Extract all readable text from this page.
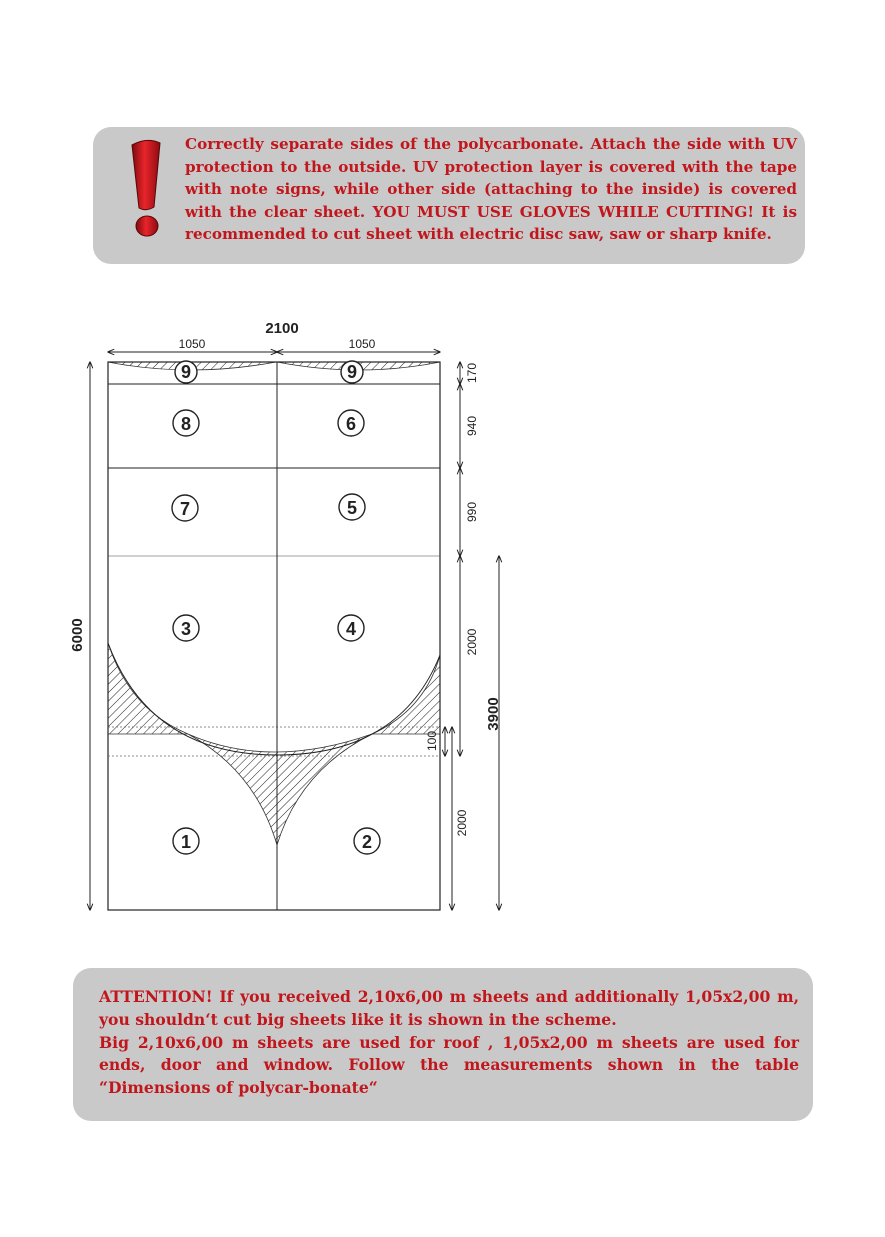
Correctly separate sides of the polycarbonate. Attach the side with UV protection to the outside. UV protection layer is covered with the tape with note signs, while other side (attaching to the inside) is covered with the clear sheet. YOU MUST USE GLOVES WHILE CUTTING! It is recommended to cut sheet with electric disc saw, saw or sharp knife.

2100
1050	1050
6000
170
940
990
2000
100
2000
3900
9	9
8	6
7	5
3	4
1	2

ATTENTION! If you received 2,10x6,00 m sheets and additionally 1,05x2,00 m, you shouldn‘t cut big sheets like it is shown in the scheme.
Big 2,10x6,00 m sheets are used for roof , 1,05x2,00 m sheets are used for ends, door and window. Follow the measurements shown in the table “Dimensions of polycar-bonate“
